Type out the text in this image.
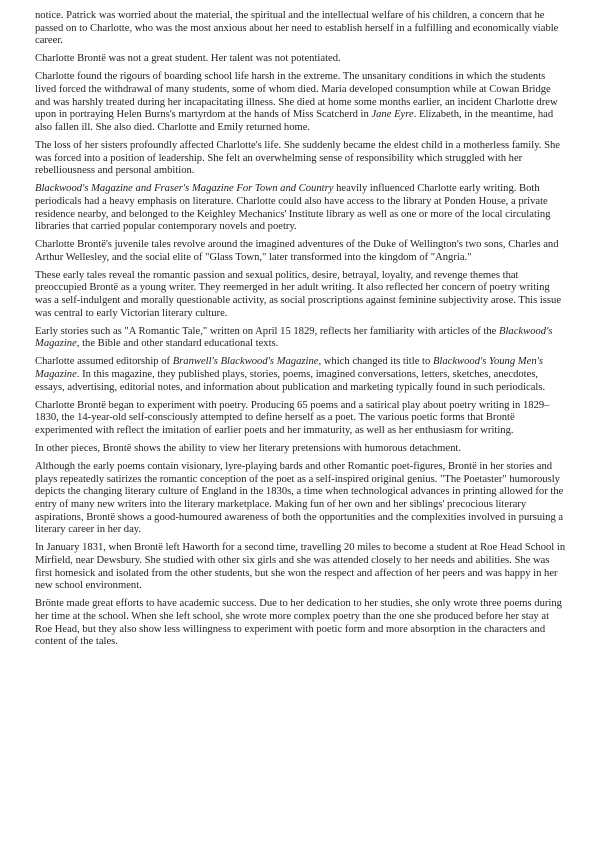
notice. Patrick was worried about the material, the spiritual and the intellectual welfare of his children, a concern that he passed on to Charlotte, who was the most anxious about her need to establish herself in a fulfilling and economically viable career.

Charlotte Brontë was not a great student. Her talent was not potentiated.

Charlotte found the rigours of boarding school life harsh in the extreme. The unsanitary conditions in which the students lived forced the withdrawal of many students, some of whom died. Maria developed consumption while at Cowan Bridge and was harshly treated during her incapacitating illness. She died at home some months earlier, an incident Charlotte drew upon in portraying Helen Burns's martyrdom at the hands of Miss Scatcherd in Jane Eyre. Elizabeth, in the meantime, had also fallen ill. She also died. Charlotte and Emily returned home.

The loss of her sisters profoundly affected Charlotte's life. She suddenly became the eldest child in a motherless family. She was forced into a position of leadership. She felt an overwhelming sense of responsibility which struggled with her rebelliousness and personal ambition.

Blackwood's Magazine and Fraser's Magazine For Town and Country heavily influenced Charlotte early writing. Both periodicals had a heavy emphasis on literature. Charlotte could also have access to the library at Ponden House, a private residence nearby, and belonged to the Keighley Mechanics' Institute library as well as one or more of the local circulating libraries that carried popular contemporary novels and poetry.

Charlotte Brontë's juvenile tales revolve around the imagined adventures of the Duke of Wellington's two sons, Charles and Arthur Wellesley, and the social elite of "Glass Town," later transformed into the kingdom of "Angria."

These early tales reveal the romantic passion and sexual politics, desire, betrayal, loyalty, and revenge themes that preoccupied Brontë as a young writer. They reemerged in her adult writing. It also reflected her concern of poetry writing was a self-indulgent and morally questionable activity, as social proscriptions against feminine subjectivity arose. This issue was central to early Victorian literary culture.

Early stories such as "A Romantic Tale," written on April 15 1829, reflects her familiarity with articles of the Blackwood's Magazine, the Bible and other standard educational texts.

Charlotte assumed editorship of Branwell's Blackwood's Magazine, which changed its title to Blackwood's Young Men's Magazine. In this magazine, they published plays, stories, poems, imagined conversations, letters, sketches, anecdotes, essays, advertising, editorial notes, and information about publication and marketing typically found in such periodicals.

Charlotte Brontë began to experiment with poetry. Producing 65 poems and a satirical play about poetry writing in 1829–1830, the 14-year-old self-consciously attempted to define herself as a poet. The various poetic forms that Brontë experimented with reflect the imitation of earlier poets and her immaturity, as well as her enthusiasm for writing.

In other pieces, Brontë shows the ability to view her literary pretensions with humorous detachment.

Although the early poems contain visionary, lyre-playing bards and other Romantic poet-figures, Brontë in her stories and plays repeatedly satirizes the romantic conception of the poet as a self-inspired original genius. "The Poetaster" humorously depicts the changing literary culture of England in the 1830s, a time when technological advances in printing allowed for the entry of many new writers into the literary marketplace. Making fun of her own and her siblings' precocious literary aspirations, Brontë shows a good-humoured awareness of both the opportunities and the complexities involved in pursuing a literary career in her day.

In January 1831, when Brontë left Haworth for a second time, travelling 20 miles to become a student at Roe Head School in Mirfield, near Dewsbury. She studied with other six girls and she was attended closely to her needs and abilities. She was first homesick and isolated from the other students, but she won the respect and affection of her peers and was happy in her new school environment.

Brönte made great efforts to have academic success. Due to her dedication to her studies, she only wrote three poems during her time at the school. When she left school, she wrote more complex poetry than the one she produced before her stay at Roe Head, but they also show less willingness to experiment with poetic form and more absorption in the characters and content of the tales.
